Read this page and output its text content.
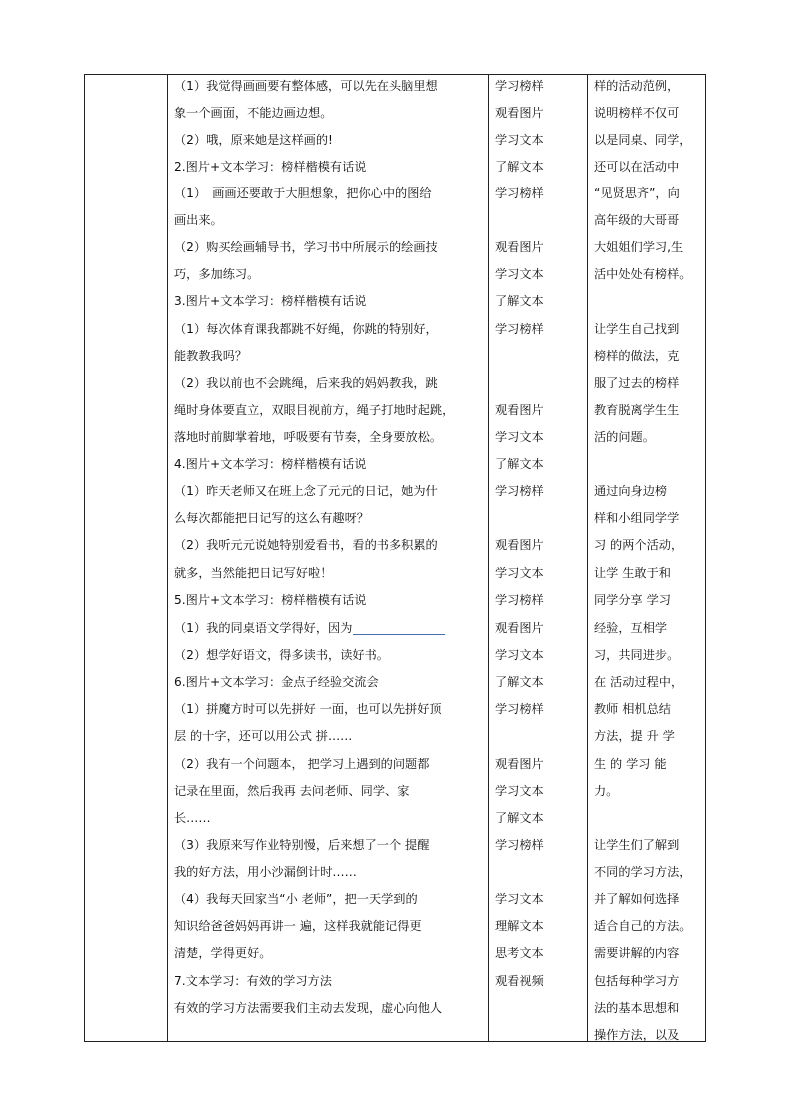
（1）我觉得画画要有整体感，可以先在头脑里想
象一个画面，不能边画边想。
（2）哦，原来她是这样画的!
2.图片+文本学习：榜样楷模有话说
（1）　画画还要敢于大胆想象，把你心中的图给
画出来。
（2）购买绘画辅导书，学习书中所展示的绘画技
巧，多加练习。
3.图片+文本学习：榜样楷模有话说
（1）每次体育课我都跳不好绳，你跳的特别好，
能教教我吗？
（2）我以前也不会跳绳，后来我的妈妈教我，跳
绳时身体要直立，双眼目视前方，绳子打地时起跳，
落地时前脚掌着地，呼吸要有节奏，全身要放松。
4.图片+文本学习：榜样楷模有话说
（1）昨天老师又在班上念了元元的日记，她为什
么每次都能把日记写的这么有趣呀？
（2）我听元元说她特别爱看书，看的书多积累的
就多，当然能把日记写好啦！
5.图片+文本学习：榜样楷模有话说
（1）我的同桌语文学得好，因为
（2）想学好语文，得多读书，读好书。
6.图片+文本学习：金点子经验交流会
（1）拼魔方时可以先拼好 一面，也可以先拼好顶
层 的十字，还可以用公式 拼……
（2）我有一个问题本， 把学习上遇到的问题都
记录在里面，然后我再 去问老师、同学、家
长……
（3）我原来写作业特别慢，后来想了一个 提醒
我的好方法，用小沙漏倒计时……
（4）我每天回家当“小 老师”，把一天学到的
知识给爸爸妈妈再讲一 遍，这样我就能记得更
清楚，学得更好。
7.文本学习：有效的学习方法
有效的学习方法需要我们主动去发现，虚心向他人
学习榜样
观看图片
学习文本
了解文本
学习榜样
观看图片
学习文本
了解文本
学习榜样
观看图片
学习文本
了解文本
学习榜样
观看图片
学习文本
学习榜样
观看图片
学习文本
了解文本
学习榜样
观看图片
学习文本
了解文本
学习榜样
学习文本
理解文本
思考文本
观看视频
样的活动范例，
说明榜样不仅可
以是同桌、同学，
还可以在活动中
“见贤思齐”，向
高年级的大哥哥
大姐姐们学习,生
活中处处有榜样。
让学生自己找到
榜样的做法，克
服了过去的榜样
教育脱离学生生
活的问题。
通过向身边榜
样和小组同学学
习 的两个活动，
让学 生敢于和
同学分享 学习
经验，互相学
习，共同进步。
在 活动过程中，
教师 相机总结
方法，提 升 学
生 的 学习 能
力。
让学生们了解到
不同的学习方法，
并了解如何选择
适合自己的方法。
需要讲解的内容
包括每种学习方
法的基本思想和
操作方法，以及
